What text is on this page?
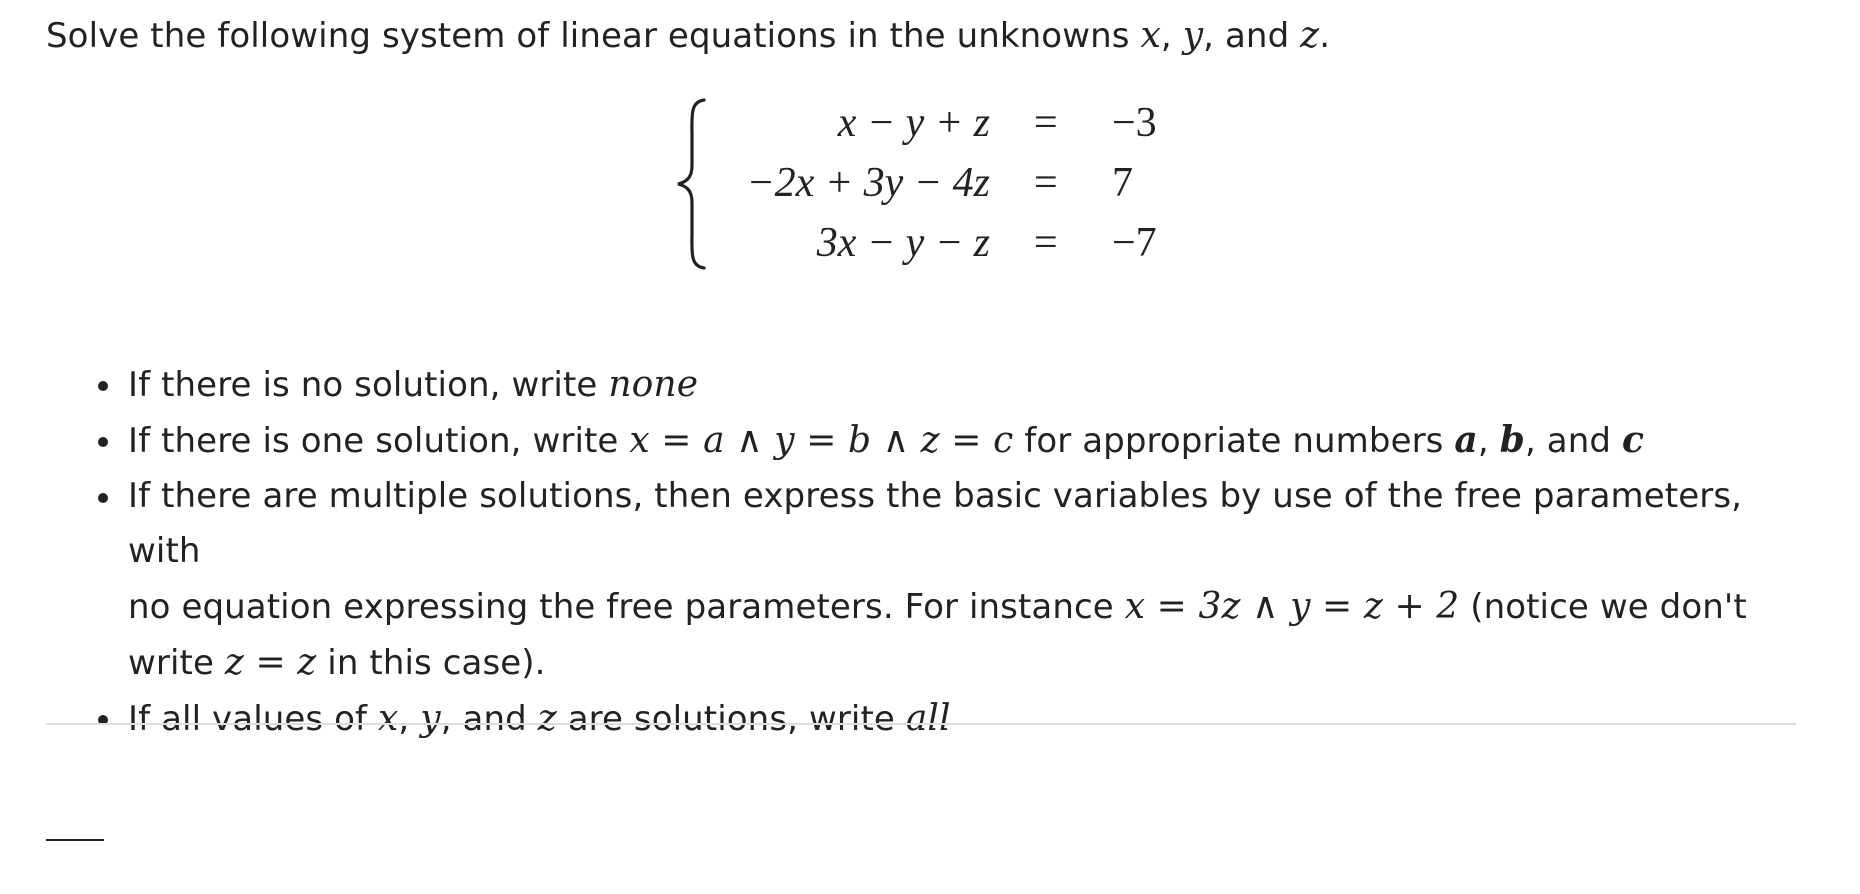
Solve the following system of linear equations in the unknowns x, y, and z.
x − y + z = −3
−2x + 3y − 4z = 7
3x − y − z = −7
If there is no solution, write none
If there is one solution, write x = a ∧ y = b ∧ z = c for appropriate numbers a, b, and c
If there are multiple solutions, then express the basic variables by use of the free parameters, with
no equation expressing the free parameters. For instance x = 3z ∧ y = z + 2 (notice we don't
write z = z in this case).
If all values of x, y, and z are solutions, write all
